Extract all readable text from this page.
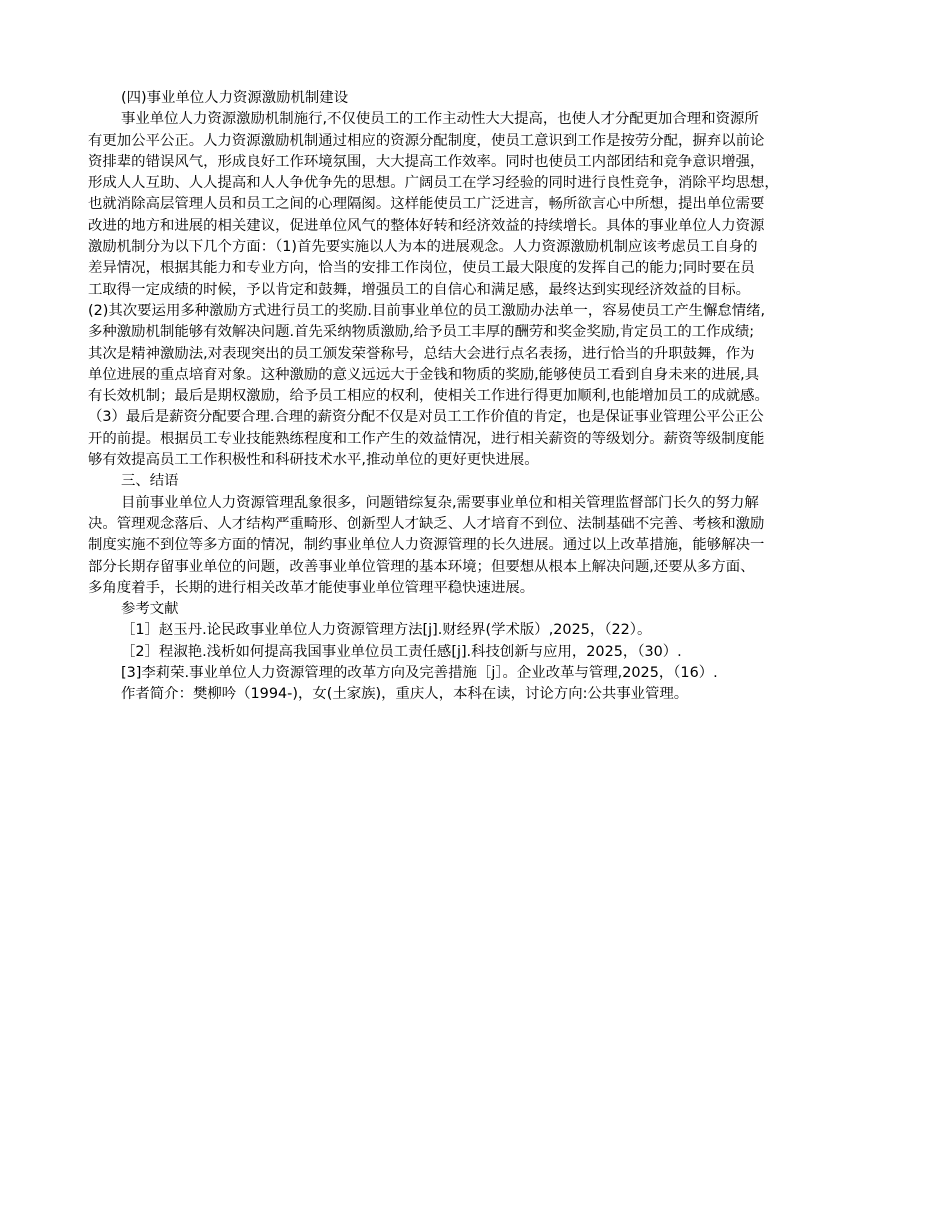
(四)事业单位人力资源激励机制建设
事业单位人力资源激励机制施行,不仅使员工的工作主动性大大提高，也使人才分配更加合理和资源所
有更加公平公正。人力资源激励机制通过相应的资源分配制度，使员工意识到工作是按劳分配，摒弃以前论
资排辈的错误风气，形成良好工作环境氛围，大大提高工作效率。同时也使员工内部团结和竞争意识增强，
形成人人互助、人人提高和人人争优争先的思想。广阔员工在学习经验的同时进行良性竞争，消除平均思想，
也就消除高层管理人员和员工之间的心理隔阂。这样能使员工广泛进言，畅所欲言心中所想，提出单位需要
改进的地方和进展的相关建议，促进单位风气的整体好转和经济效益的持续增长。具体的事业单位人力资源
激励机制分为以下几个方面：（1)首先要实施以人为本的进展观念。人力资源激励机制应该考虑员工自身的
差异情况，根据其能力和专业方向，恰当的安排工作岗位，使员工最大限度的发挥自己的能力;同时要在员
工取得一定成绩的时候，予以肯定和鼓舞，增强员工的自信心和满足感，最终达到实现经济效益的目标。
(2)其次要运用多种激励方式进行员工的奖励.目前事业单位的员工激励办法单一，容易使员工产生懈怠情绪,
多种激励机制能够有效解决问题.首先采纳物质激励,给予员工丰厚的酬劳和奖金奖励,肯定员工的工作成绩;
其次是精神激励法,对表现突出的员工颁发荣誉称号，总结大会进行点名表扬，进行恰当的升职鼓舞，作为
单位进展的重点培育对象。这种激励的意义远远大于金钱和物质的奖励,能够使员工看到自身未来的进展,具
有长效机制；最后是期权激励，给予员工相应的权利，使相关工作进行得更加顺利,也能增加员工的成就感。
（3）最后是薪资分配要合理.合理的薪资分配不仅是对员工工作价值的肯定，也是保证事业管理公平公正公
开的前提。根据员工专业技能熟练程度和工作产生的效益情况，进行相关薪资的等级划分。薪资等级制度能
够有效提高员工工作积极性和科研技术水平,推动单位的更好更快进展。
三、结语
目前事业单位人力资源管理乱象很多，问题错综复杂,需要事业单位和相关管理监督部门长久的努力解
决。管理观念落后、人才结构严重畸形、创新型人才缺乏、人才培育不到位、法制基础不完善、考核和激励
制度实施不到位等多方面的情况，制约事业单位人力资源管理的长久进展。通过以上改革措施，能够解决一
部分长期存留事业单位的问题，改善事业单位管理的基本环境；但要想从根本上解决问题,还要从多方面、
多角度着手，长期的进行相关改革才能使事业单位管理平稳快速进展。
参考文献
［1］赵玉丹.论民政事业单位人力资源管理方法[j].财经界(学术版）,2025，（22）。
［2］程淑艳.浅析如何提高我国事业单位员工责任感[j].科技创新与应用，2025，（30）.
[3]李莉荣.事业单位人力资源管理的改革方向及完善措施［j］。企业改革与管理,2025，（16）.
作者简介：樊柳吟（1994-)，女(土家族)，重庆人，本科在读，讨论方向:公共事业管理。
